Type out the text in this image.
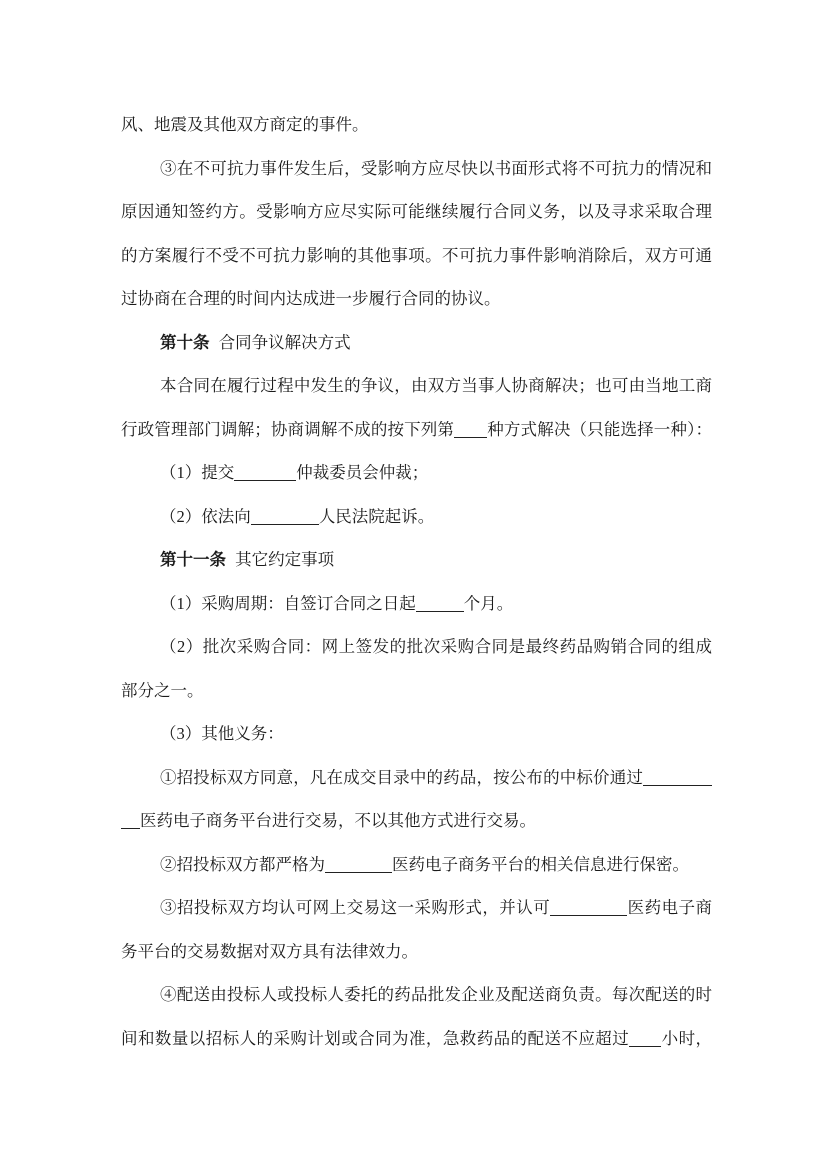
风、地震及其他双方商定的事件。
③在不可抗力事件发生后，受影响方应尽快以书面形式将不可抗力的情况和
原因通知签约方。受影响方应尽实际可能继续履行合同义务，以及寻求采取合理
的方案履行不受不可抗力影响的其他事项。不可抗力事件影响消除后，双方可通
过协商在合理的时间内达成进一步履行合同的协议。
第十条 合同争议解决方式
本合同在履行过程中发生的争议，由双方当事人协商解决；也可由当地工商
行政管理部门调解；协商调解不成的按下列第 种方式解决（只能选择一种）：
（1）提交	仲裁委员会仲裁；
（2）依法向	人民法院起诉。
第十一条 其它约定事项
（1）采购周期：自签订合同之日起	个月。
（2）批次采购合同：网上签发的批次采购合同是最终药品购销合同的组成
部分之一。
（3）其他义务：
①招投标双方同意，凡在成交目录中的药品，按公布的中标价通过
医药电子商务平台进行交易，不以其他方式进行交易。
②招投标双方都严格为	医药电子商务平台的相关信息进行保密。
③招投标双方均认可网上交易这一采购形式，并认可	医药电子商
务平台的交易数据对双方具有法律效力。
④配送由投标人或投标人委托的药品批发企业及配送商负责。每次配送的时
间和数量以招标人的采购计划或合同为准，急救药品的配送不应超过 小时，
